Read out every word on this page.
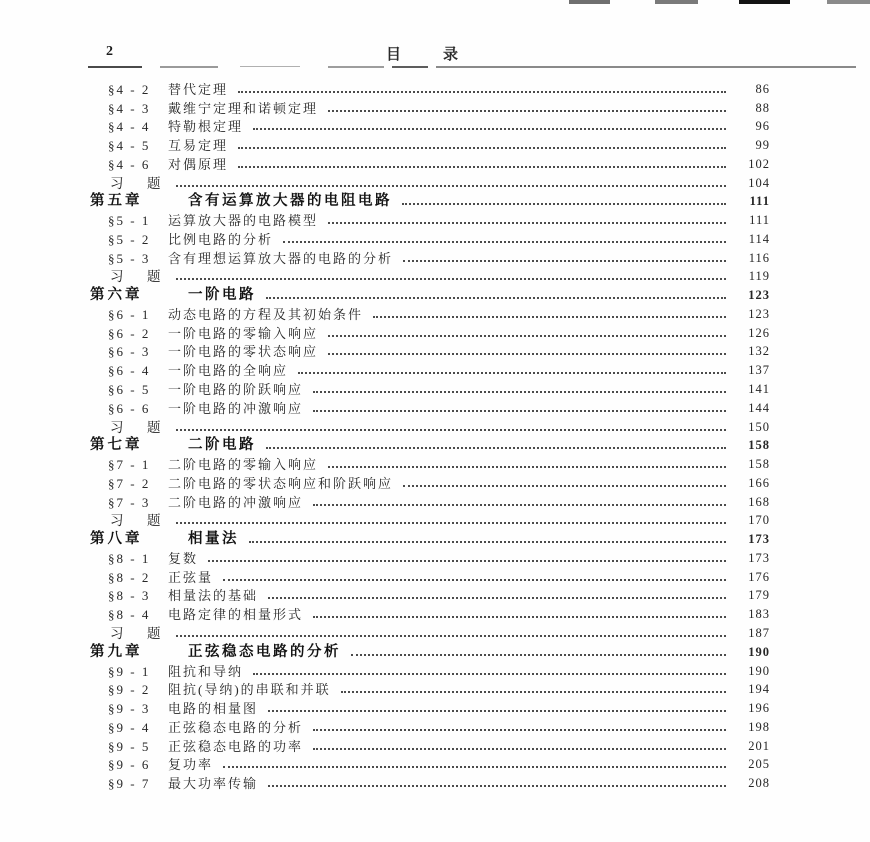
2	目　　录
§4 - 2	替代定理	86
§4 - 3	戴维宁定理和诺顿定理	88
§4 - 4	特勒根定理	96
§4 - 5	互易定理	99
§4 - 6	对偶原理	102
习　题	104
第五章	含有运算放大器的电阻电路	111
§5 - 1	运算放大器的电路模型	111
§5 - 2	比例电路的分析	114
§5 - 3	含有理想运算放大器的电路的分析	116
习　题	119
第六章	一阶电路	123
§6 - 1	动态电路的方程及其初始条件	123
§6 - 2	一阶电路的零输入响应	126
§6 - 3	一阶电路的零状态响应	132
§6 - 4	一阶电路的全响应	137
§6 - 5	一阶电路的阶跃响应	141
§6 - 6	一阶电路的冲激响应	144
习　题	150
第七章	二阶电路	158
§7 - 1	二阶电路的零输入响应	158
§7 - 2	二阶电路的零状态响应和阶跃响应	166
§7 - 3	二阶电路的冲激响应	168
习　题	170
第八章	相量法	173
§8 - 1	复数	173
§8 - 2	正弦量	176
§8 - 3	相量法的基础	179
§8 - 4	电路定律的相量形式	183
习　题	187
第九章	正弦稳态电路的分析	190
§9 - 1	阻抗和导纳	190
§9 - 2	阻抗(导纳)的串联和并联	194
§9 - 3	电路的相量图	196
§9 - 4	正弦稳态电路的分析	198
§9 - 5	正弦稳态电路的功率	201
§9 - 6	复功率	205
§9 - 7	最大功率传输	208
